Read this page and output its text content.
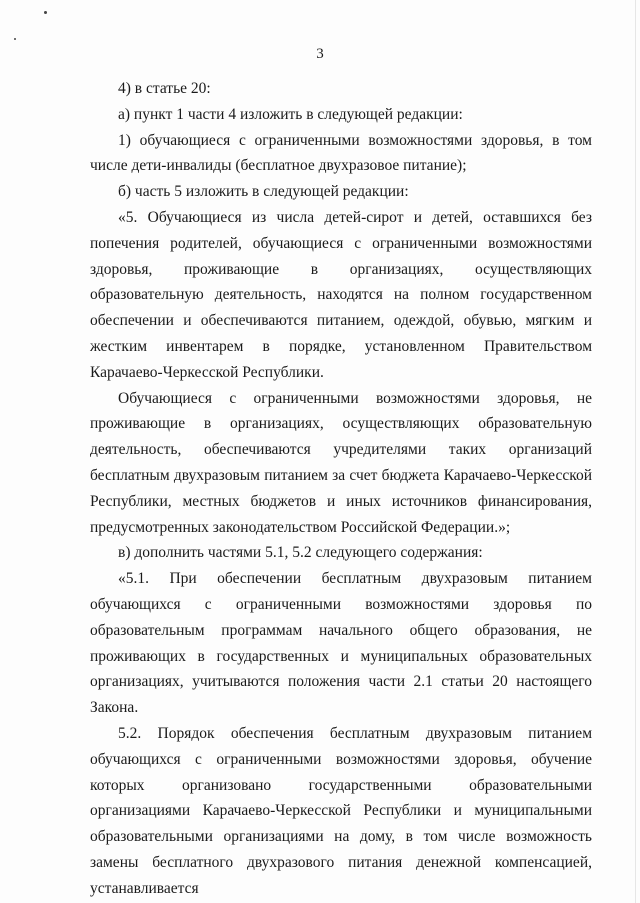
3

4) в статье 20:

а) пункт 1 части 4 изложить в следующей редакции:

1) обучающиеся с ограниченными возможностями здоровья, в том числе дети-инвалиды (бесплатное двухразовое питание);

б) часть 5 изложить в следующей редакции:

«5. Обучающиеся из числа детей-сирот и детей, оставшихся без попечения родителей, обучающиеся с ограниченными возможностями здоровья, проживающие в организациях, осуществляющих образовательную деятельность, находятся на полном государственном обеспечении и обеспечиваются питанием, одеждой, обувью, мягким и жестким инвентарем в порядке, установленном Правительством Карачаево-Черкесской Республики.

Обучающиеся с ограниченными возможностями здоровья, не проживающие в организациях, осуществляющих образовательную деятельность, обеспечиваются учредителями таких организаций бесплатным двухразовым питанием за счет бюджета Карачаево-Черкесской Республики, местных бюджетов и иных источников финансирования, предусмотренных законодательством Российской Федерации.»;

в) дополнить частями 5.1, 5.2 следующего содержания:

«5.1. При обеспечении бесплатным двухразовым питанием обучающихся с ограниченными возможностями здоровья по образовательным программам начального общего образования, не проживающих в государственных и муниципальных образовательных организациях, учитываются положения части 2.1 статьи 20 настоящего Закона.

5.2. Порядок обеспечения бесплатным двухразовым питанием обучающихся с ограниченными возможностями здоровья, обучение которых организовано государственными образовательными организациями Карачаево-Черкесской Республики и муниципальными образовательными организациями на дому, в том числе возможность замены бесплатного двухразового питания денежной компенсацией, устанавливается
